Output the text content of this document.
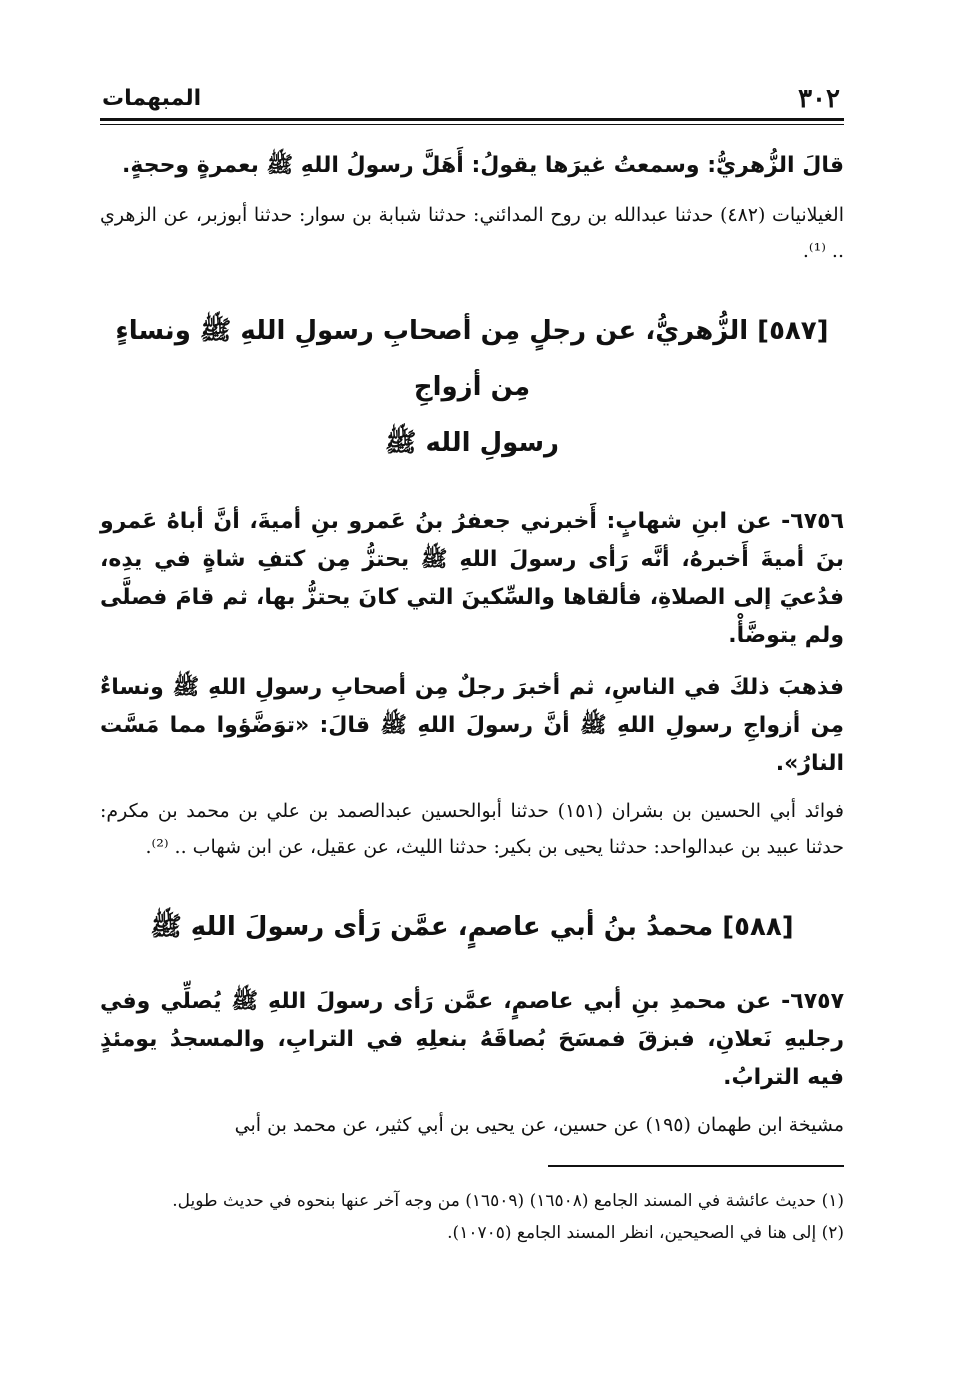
٣٠٢
المبهمات

قالَ الزُّهريُّ: وسمعتُ غيرَها يقولُ: أَهَلَّ رسولُ اللهِ ﷺ بعمرةٍ وحجةٍ.

الغيلانيات (٤٨٢) حدثنا عبدالله بن روح المدائني: حدثنا شبابة بن سوار: حدثنا أبوزبر، عن الزهري .. ⁽¹⁾.

[٥٨٧] الزُّهريُّ، عن رجلٍ مِن أصحابِ رسولِ اللهِ ﷺ ونساءٍ مِن أزواجِ

رسولِ الله ﷺ

٦٧٥٦- عن ابنِ شهابٍ: أَخبرني جعفرُ بنُ عَمرو بنِ أميةَ، أنَّ أباهُ عَمرو بنَ أميةَ أَخبرهُ، أنَّه رَأى رسولَ اللهِ ﷺ يحتزُّ مِن كتفِ شاةٍ في يدِه، فدُعيَ إلى الصلاةِ، فألقاها والسِّكينَ التي كانَ يحتزُّ بها، ثم قامَ فصلَّى ولم يتوضَّأْ.

فذهبَ ذلكَ في الناسِ، ثم أخبرَ رجلٌ مِن أصحابِ رسولِ اللهِ ﷺ ونساءٌ مِن أزواجِ رسولِ اللهِ ﷺ أنَّ رسولَ اللهِ ﷺ قالَ: «توَضَّؤوا مما مَسَّت النارُ».

فوائد أبي الحسين بن بشران (١٥١) حدثنا أبوالحسين عبدالصمد بن علي بن محمد بن مكرم: حدثنا عبيد بن عبدالواحد: حدثنا يحيى بن بكير: حدثنا الليث، عن عقيل، عن ابن شهاب .. ⁽²⁾.

[٥٨٨] محمدُ بنُ أبي عاصمٍ، عمَّن رَأى رسولَ اللهِ ﷺ

٦٧٥٧- عن محمدِ بنِ أبي عاصمٍ، عمَّن رَأى رسولَ اللهِ ﷺ يُصلِّي وفي رجليهِ نَعلانِ، فبزقَ فمسَحَ بُصاقَهُ بنعلِهِ في الترابِ، والمسجدُ يومئذٍ فيه الترابُ.

مشيخة ابن طهمان (١٩٥) عن حسين، عن يحيى بن أبي كثير، عن محمد بن أبي

(١) حديث عائشة في المسند الجامع (١٦٥٠٨) (١٦٥٠٩) من وجه آخر عنها بنحوه في حديث طويل.

(٢) إلى هنا في الصحيحين، انظر المسند الجامع (١٠٧٠٥).
